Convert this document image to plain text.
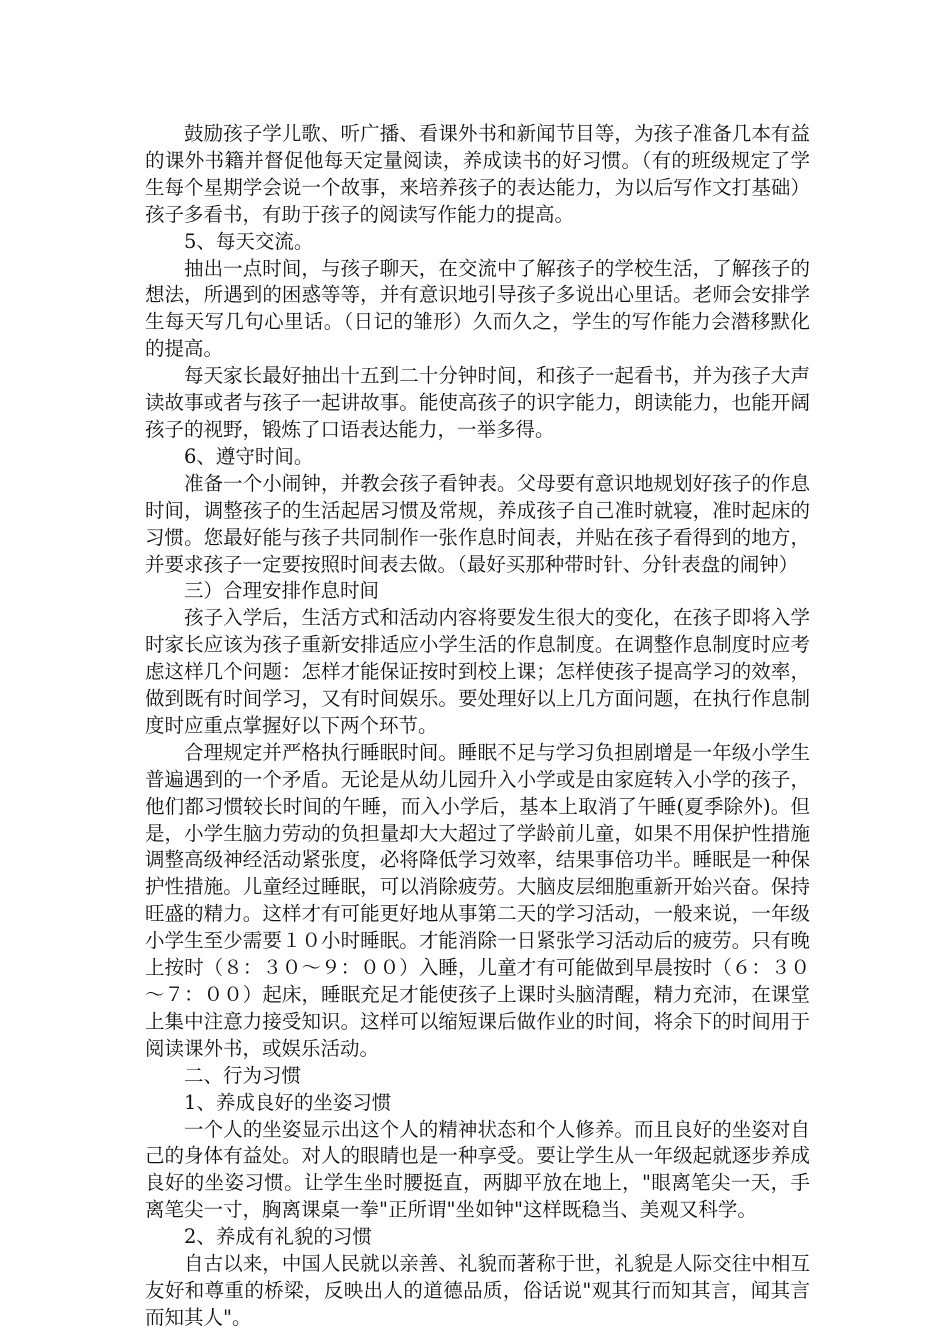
鼓励孩子学儿歌、听广播、看课外书和新闻节目等，为孩子准备几本有益的课外书籍并督促他每天定量阅读，养成读书的好习惯。（有的班级规定了学生每个星期学会说一个故事，来培养孩子的表达能力，为以后写作文打基础）孩子多看书，有助于孩子的阅读写作能力的提高。

5、每天交流。

抽出一点时间，与孩子聊天，在交流中了解孩子的学校生活，了解孩子的想法，所遇到的困惑等等，并有意识地引导孩子多说出心里话。老师会安排学生每天写几句心里话。（日记的雏形）久而久之，学生的写作能力会潜移默化的提高。

每天家长最好抽出十五到二十分钟时间，和孩子一起看书，并为孩子大声读故事或者与孩子一起讲故事。能使高孩子的识字能力，朗读能力，也能开阔孩子的视野，锻炼了口语表达能力，一举多得。

6、遵守时间。

准备一个小闹钟，并教会孩子看钟表。父母要有意识地规划好孩子的作息时间，调整孩子的生活起居习惯及常规，养成孩子自己准时就寝，准时起床的习惯。您最好能与孩子共同制作一张作息时间表，并贴在孩子看得到的地方，并要求孩子一定要按照时间表去做。（最好买那种带时针、分针表盘的闹钟）

三）合理安排作息时间

孩子入学后，生活方式和活动内容将要发生很大的变化，在孩子即将入学时家长应该为孩子重新安排适应小学生活的作息制度。在调整作息制度时应考虑这样几个问题：怎样才能保证按时到校上课；怎样使孩子提高学习的效率，做到既有时间学习，又有时间娱乐。要处理好以上几方面问题，在执行作息制度时应重点掌握好以下两个环节。

合理规定并严格执行睡眠时间。睡眠不足与学习负担剧增是一年级小学生普遍遇到的一个矛盾。无论是从幼儿园升入小学或是由家庭转入小学的孩子，他们都习惯较长时间的午睡，而入小学后，基本上取消了午睡(夏季除外)。但是，小学生脑力劳动的负担量却大大超过了学龄前儿童，如果不用保护性措施调整高级神经活动紧张度，必将降低学习效率，结果事倍功半。睡眠是一种保护性措施。儿童经过睡眠，可以消除疲劳。大脑皮层细胞重新开始兴奋。保持旺盛的精力。这样才有可能更好地从事第二天的学习活动，一般来说，一年级小学生至少需要１０小时睡眠。才能消除一日紧张学习活动后的疲劳。只有晚上按时（８：３０～９：００）入睡，儿童才有可能做到早晨按时（６：３０～７：００）起床，睡眠充足才能使孩子上课时头脑清醒，精力充沛，在课堂上集中注意力接受知识。这样可以缩短课后做作业的时间，将余下的时间用于阅读课外书，或娱乐活动。

二、行为习惯

1、养成良好的坐姿习惯

一个人的坐姿显示出这个人的精神状态和个人修养。而且良好的坐姿对自己的身体有益处。对人的眼睛也是一种享受。要让学生从一年级起就逐步养成良好的坐姿习惯。让学生坐时腰挺直，两脚平放在地上，"眼离笔尖一天，手离笔尖一寸，胸离课桌一拳"正所谓"坐如钟"这样既稳当、美观又科学。

2、养成有礼貌的习惯

自古以来，中国人民就以亲善、礼貌而著称于世，礼貌是人际交往中相互友好和尊重的桥梁，反映出人的道德品质，俗话说"观其行而知其言，闻其言而知其人"。
